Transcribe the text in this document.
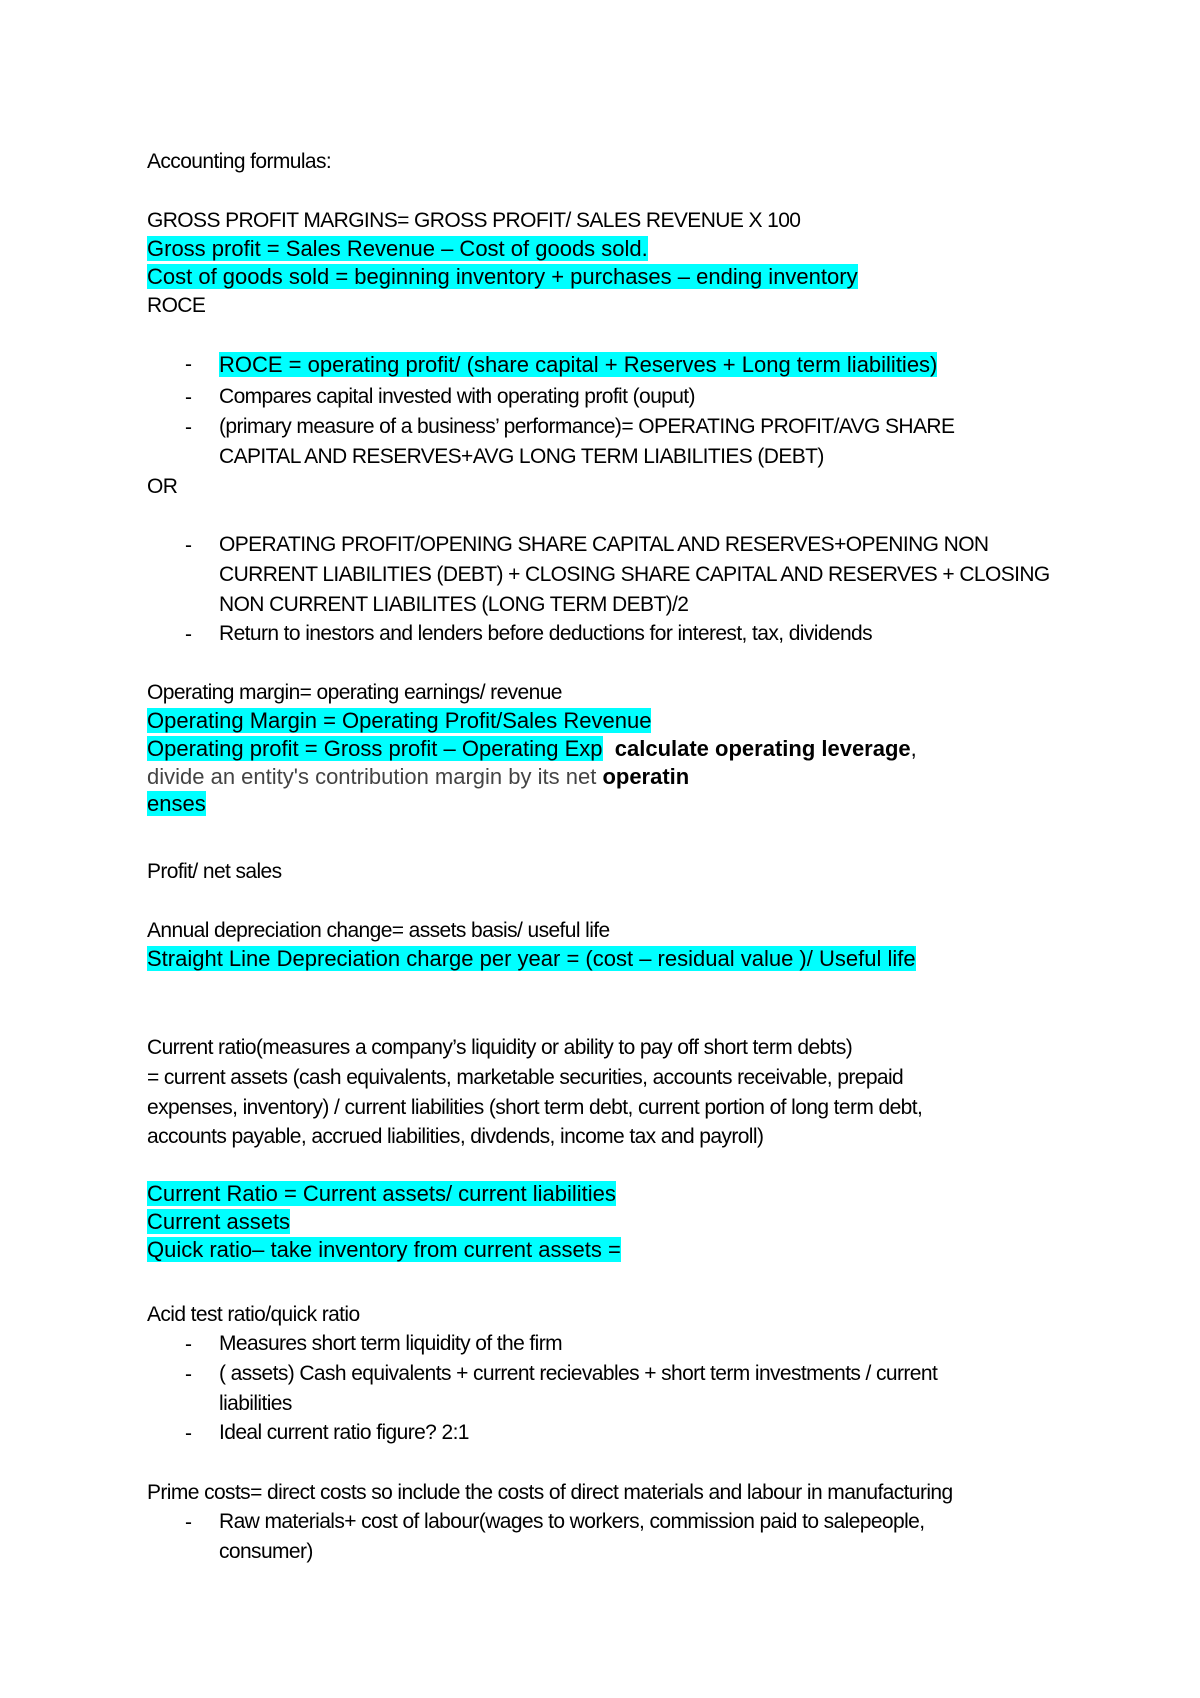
Accounting formulas:
GROSS PROFIT MARGINS= GROSS PROFIT/ SALES REVENUE X 100
Gross profit = Sales Revenue – Cost of goods sold.
Cost of goods sold = beginning inventory + purchases – ending inventory
ROCE
- ROCE = operating profit/ (share capital + Reserves + Long term liabilities)
- Compares capital invested with operating profit (ouput)
- (primary measure of a business’ performance)= OPERATING PROFIT/AVG SHARE
CAPITAL AND RESERVES+AVG LONG TERM LIABILITIES (DEBT)
OR
- OPERATING PROFIT/OPENING SHARE CAPITAL AND RESERVES+OPENING NON
CURRENT LIABILITIES (DEBT) + CLOSING SHARE CAPITAL AND RESERVES + CLOSING
NON CURRENT LIABILITES (LONG TERM DEBT)/2
- Return to inestors and lenders before deductions for interest, tax, dividends
Operating margin= operating earnings/ revenue
Operating Margin = Operating Profit/Sales Revenue
Operating profit = Gross profit – Operating Exp calculate operating leverage,
divide an entity's contribution margin by its net operatin
enses
Profit/ net sales
Annual depreciation change= assets basis/ useful life
Straight Line Depreciation charge per year = (cost – residual value )/ Useful life
Current ratio(measures a company’s liquidity or ability to pay off short term debts)
= current assets (cash equivalents, marketable securities, accounts receivable, prepaid
expenses, inventory) / current liabilities (short term debt, current portion of long term debt,
accounts payable, accrued liabilities, divdends, income tax and payroll)
Current Ratio = Current assets/ current liabilities
Current assets
Quick ratio– take inventory from current assets =
Acid test ratio/quick ratio
- Measures short term liquidity of the firm
- ( assets) Cash equivalents + current recievables + short term investments / current
liabilities
- Ideal current ratio figure? 2:1
Prime costs= direct costs so include the costs of direct materials and labour in manufacturing
- Raw materials+ cost of labour(wages to workers, commission paid to salepeople,
consumer)
